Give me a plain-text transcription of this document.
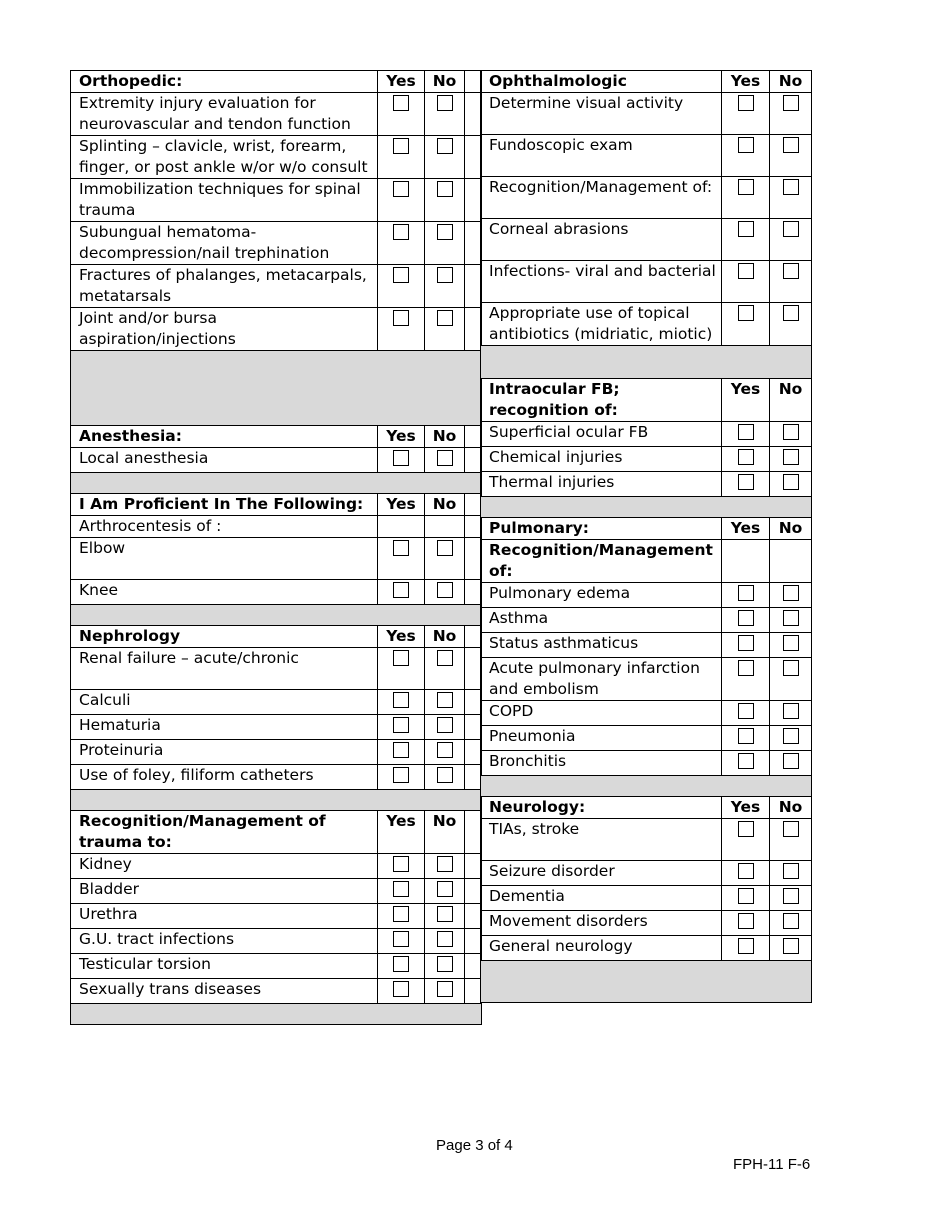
Orthopedic:	Yes	No	
Extremity injury evaluation for neurovascular and tendon function			
Splinting – clavicle, wrist, forearm, finger, or post ankle w/or w/o consult			
Immobilization techniques for spinal trauma			
Subungual hematoma-decompression/nail trephination			
Fractures of phalanges, metacarpals, metatarsals			
Joint and/or bursa aspiration/injections			

Anesthesia:	Yes	No	
Local anesthesia			

I Am Proficient In The Following:	Yes	No	
Arthrocentesis of :			
Elbow			
Knee			

Nephrology	Yes	No	
Renal failure – acute/chronic			
Calculi			
Hematuria			
Proteinuria			
Use of foley, filiform catheters			

Recognition/Management of trauma to:	Yes	No	
Kidney			
Bladder			
Urethra			
G.U. tract infections			
Testicular torsion			
Sexually trans diseases			

Ophthalmologic	Yes	No
Determine visual activity		
Fundoscopic exam		
Recognition/Management of:		
Corneal abrasions		
Infections- viral and bacterial		
Appropriate use of topical antibiotics (midriatic, miotic)		

Intraocular FB; recognition of:	Yes	No
Superficial ocular FB		
Chemical injuries		
Thermal injuries		

Pulmonary:	Yes	No
Recognition/Management of:		
Pulmonary edema		
Asthma		
Status asthmaticus		
Acute pulmonary infarction and embolism		
COPD		
Pneumonia		
Bronchitis		

Neurology:	Yes	No
TIAs, stroke		
Seizure disorder		
Dementia		
Movement disorders		
General neurology		

Page 3 of 4
FPH-11 F-6
